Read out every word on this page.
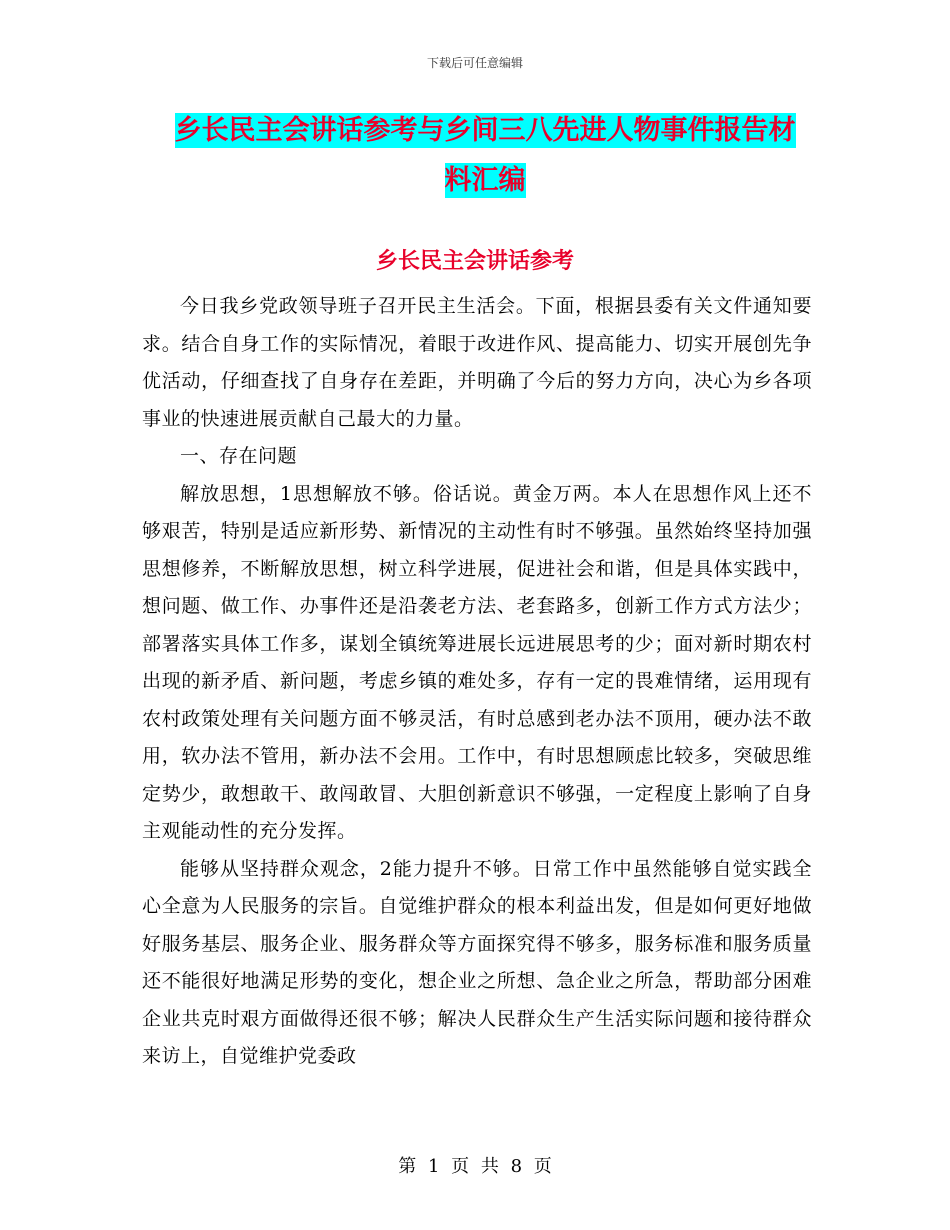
下载后可任意编辑
乡长民主会讲话参考与乡间三八先进人物事件报告材
料汇编
乡长民主会讲话参考

今日我乡党政领导班子召开民主生活会。下面，根据县委有关文件通知要求。结合自身工作的实际情况，着眼于改进作风、提高能力、切实开展创先争优活动，仔细查找了自身存在差距，并明确了今后的努力方向，决心为乡各项事业的快速进展贡献自己最大的力量。

一、存在问题

解放思想，1思想解放不够。俗话说。黄金万两。本人在思想作风上还不够艰苦，特别是适应新形势、新情况的主动性有时不够强。虽然始终坚持加强思想修养，不断解放思想，树立科学进展，促进社会和谐，但是具体实践中，想问题、做工作、办事件还是沿袭老方法、老套路多，创新工作方式方法少；部署落实具体工作多，谋划全镇统筹进展长远进展思考的少；面对新时期农村出现的新矛盾、新问题，考虑乡镇的难处多，存有一定的畏难情绪，运用现有农村政策处理有关问题方面不够灵活，有时总感到老办法不顶用，硬办法不敢用，软办法不管用，新办法不会用。工作中，有时思想顾虑比较多，突破思维定势少，敢想敢干、敢闯敢冒、大胆创新意识不够强，一定程度上影响了自身主观能动性的充分发挥。

能够从坚持群众观念，2能力提升不够。日常工作中虽然能够自觉实践全心全意为人民服务的宗旨。自觉维护群众的根本利益出发，但是如何更好地做好服务基层、服务企业、服务群众等方面探究得不够多，服务标准和服务质量还不能很好地满足形势的变化，想企业之所想、急企业之所急，帮助部分困难企业共克时艰方面做得还很不够；解决人民群众生产生活实际问题和接待群众来访上，自觉维护党委政

第 1 页 共 8 页
